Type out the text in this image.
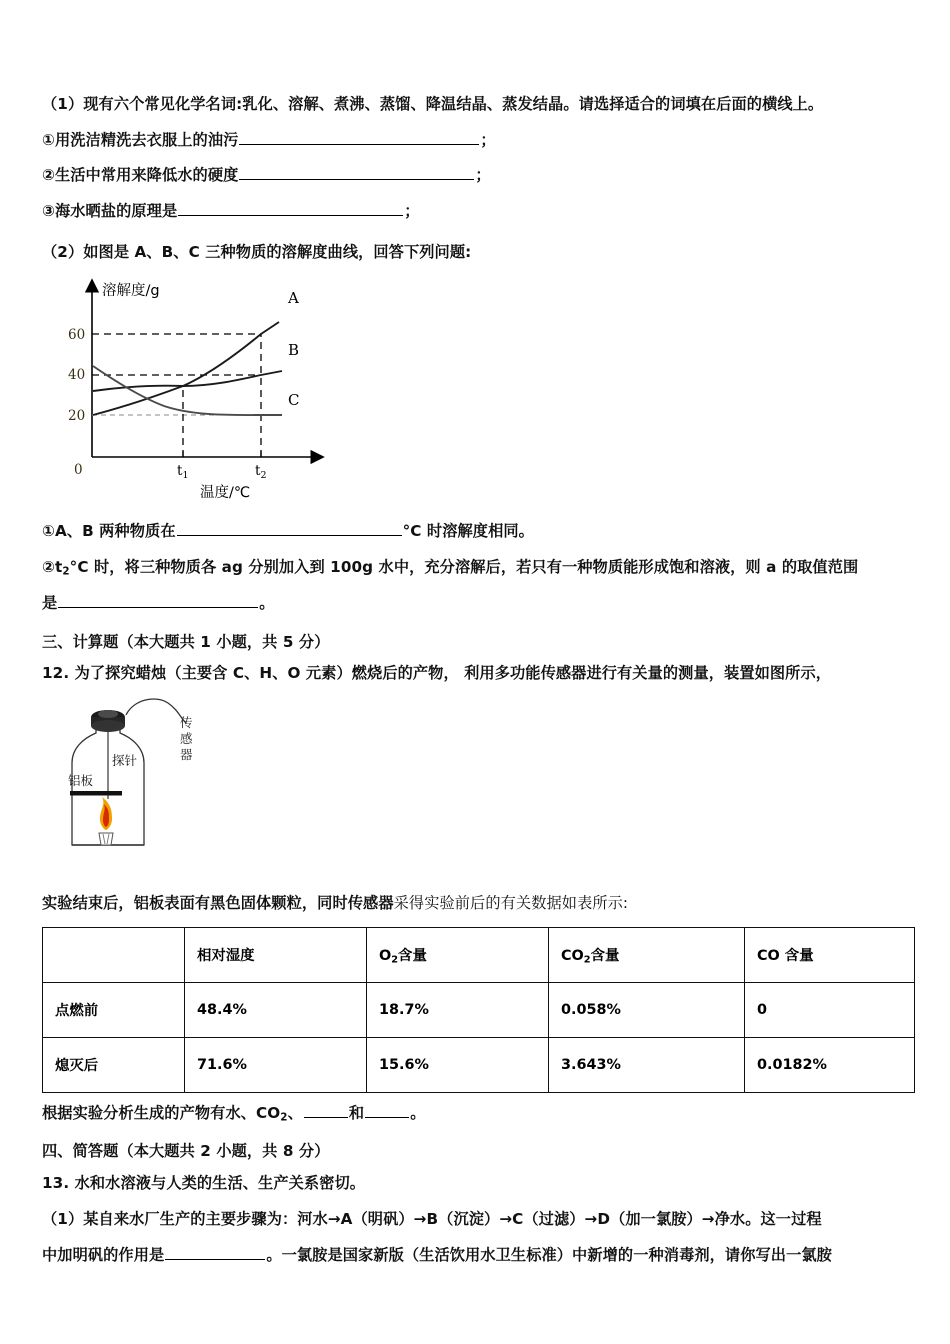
（1）现有六个常见化学名词:乳化、溶解、煮沸、蒸馏、降温结晶、蒸发结晶。请选择适合的词填在后面的横线上。

①用洗洁精洗去衣服上的油污	；

②生活中常用来降低水的硬度	；

③海水晒盐的原理是	；

（2）如图是 A、B、C 三种物质的溶解度曲线，回答下列问题:

溶解度/g
60
40
20
0	$t_1$	$t_2$
A
B
C
温度/℃

①A、B 两种物质在	°C 时溶解度相同。

$②t_2^\circ C$ 时，将三种物质各 ag 分别加入到 100g 水中，充分溶解后，若只有一种物质能形成饱和溶液，则 a 的取值范围

是	。

三、计算题（本大题共 1 小题，共 5 分）

12. 为了探究蜡烛（主要含 C、H、O 元素）燃烧后的产物， 利用多功能传感器进行有关量的测量，装置如图所示，

传 感 器
探针
铝板

实验结束后，铝板表面有黑色固体颗粒，同时传感器采得实验前后的有关数据如表所示:

	相对湿度	$O_2$含量	$CO_2$含量	CO 含量
点燃前	48.4%	18.7%	0.058%	0
熄灭后	71.6%	15.6%	3.643%	0.0182%

根据实验分析生成的产物有水、$CO_2$、	和	。

四、简答题（本大题共 2 小题，共 8 分）

13. 水和水溶液与人类的生活、生产关系密切。

（1）某自来水厂生产的主要步骤为：河水→A（明矾）→B（沉淀）→C（过滤）→D（加一氯胺）→净水。这一过程

中加明矾的作用是	。一氯胺是国家新版（生活饮用水卫生标准）中新增的一种消毒剂，请你写出一氯胺
